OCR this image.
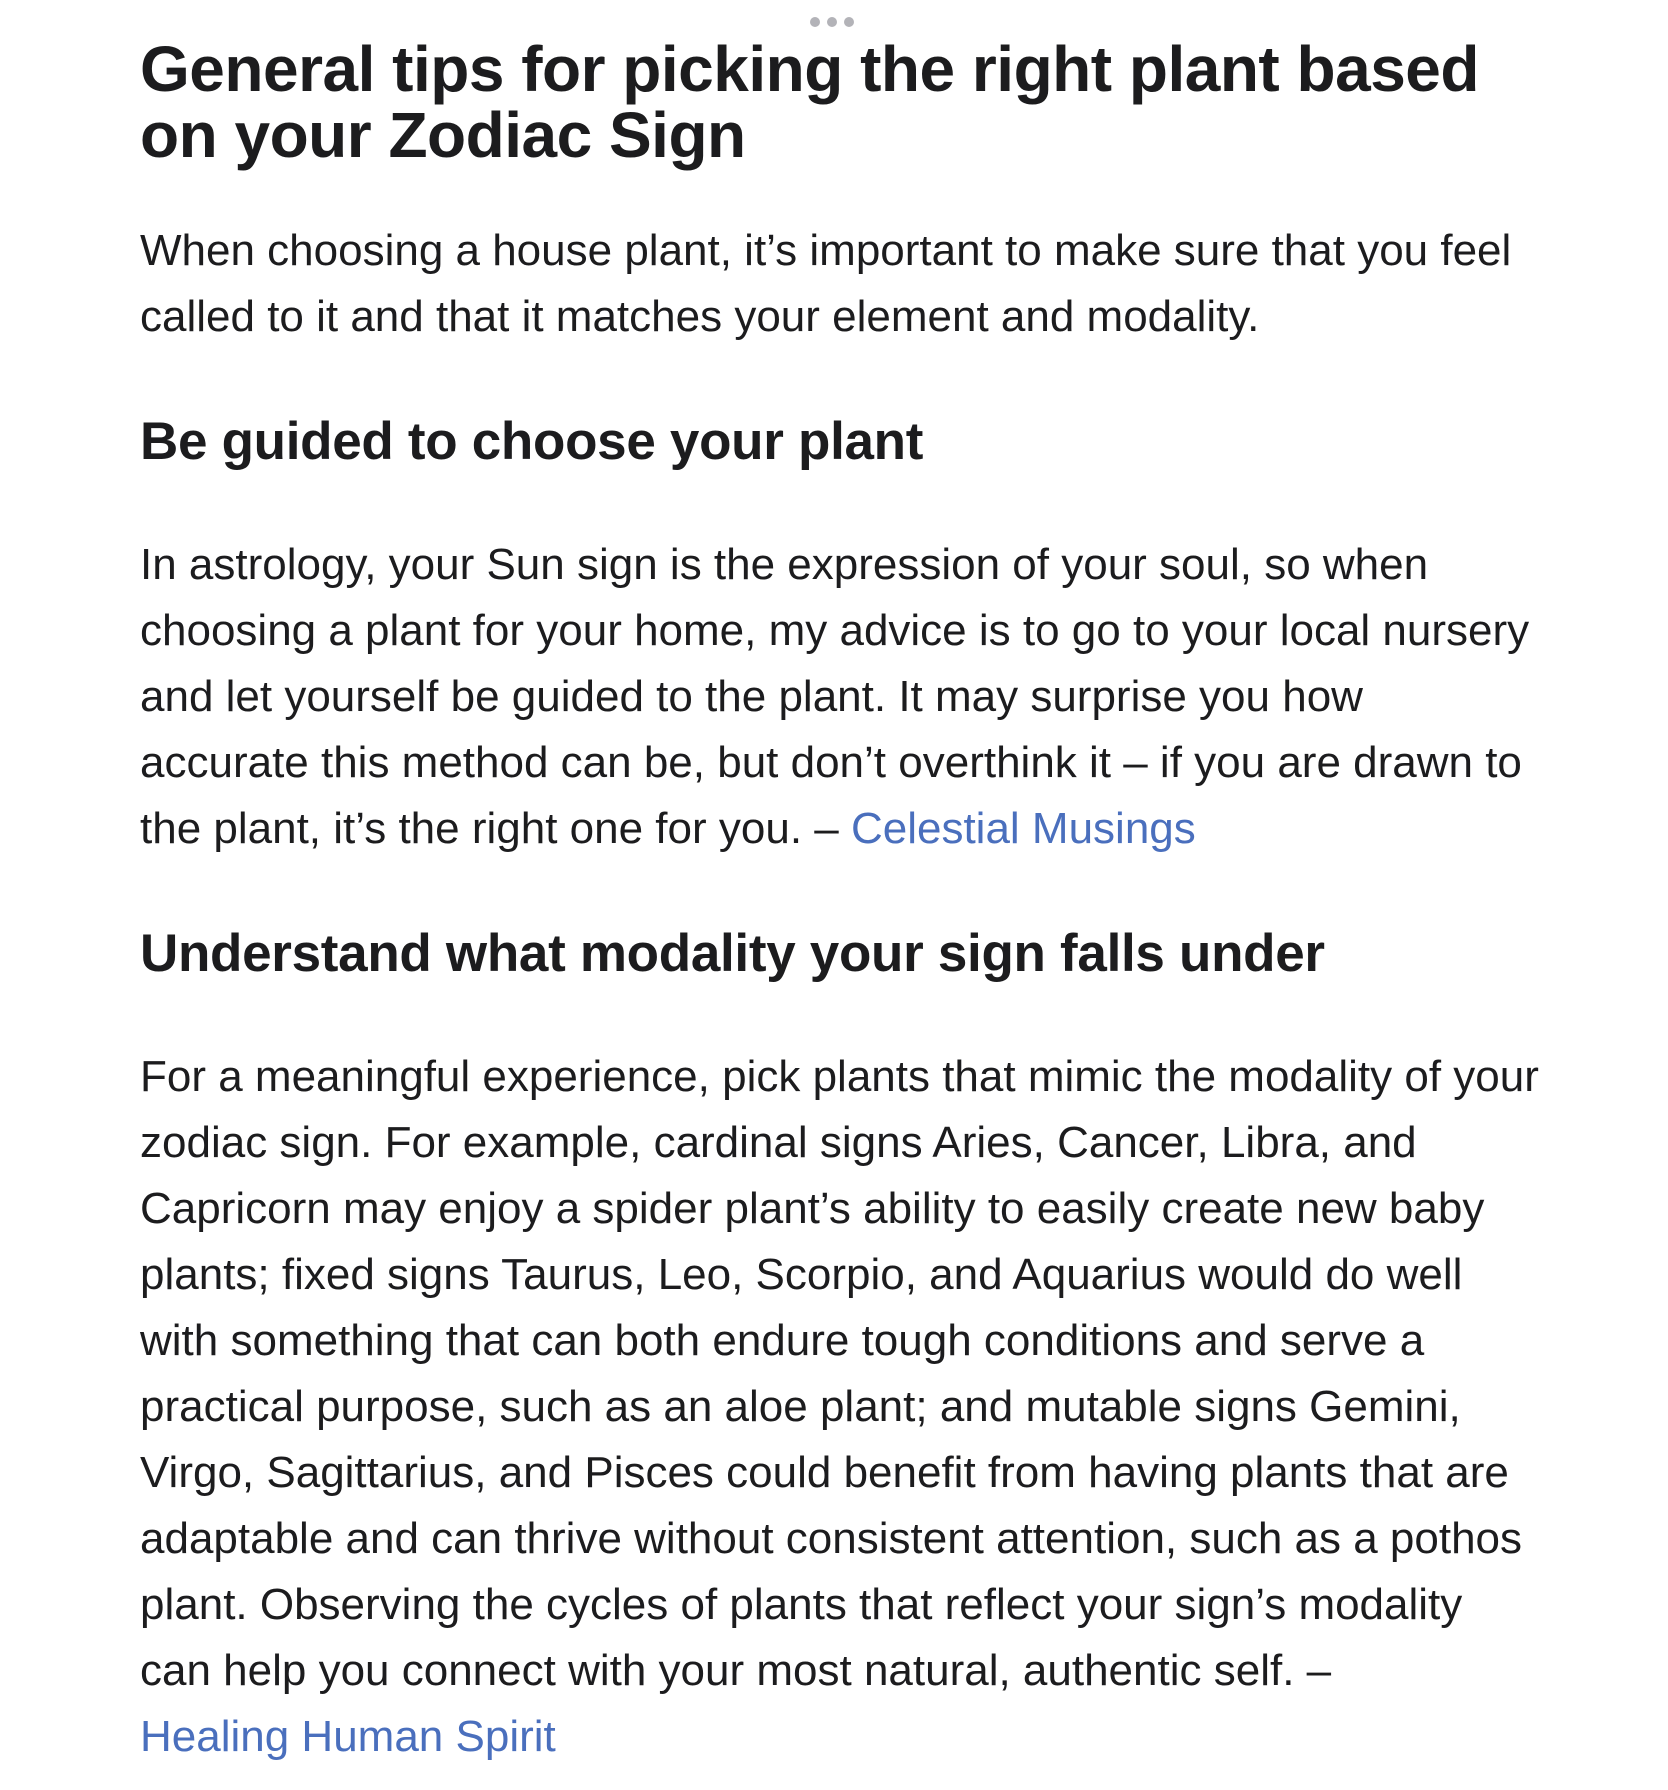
General tips for picking the right plant based on your Zodiac Sign

When choosing a house plant, it’s important to make sure that you feel called to it and that it matches your element and modality.

Be guided to choose your plant

In astrology, your Sun sign is the expression of your soul, so when choosing a plant for your home, my advice is to go to your local nursery and let yourself be guided to the plant. It may surprise you how accurate this method can be, but don’t overthink it – if you are drawn to the plant, it’s the right one for you. – Celestial Musings

Understand what modality your sign falls under

For a meaningful experience, pick plants that mimic the modality of your zodiac sign. For example, cardinal signs Aries, Cancer, Libra, and Capricorn may enjoy a spider plant’s ability to easily create new baby plants; fixed signs Taurus, Leo, Scorpio, and Aquarius would do well with something that can both endure tough conditions and serve a practical purpose, such as an aloe plant; and mutable signs Gemini, Virgo, Sagittarius, and Pisces could benefit from having plants that are adaptable and can thrive without consistent attention, such as a pothos plant. Observing the cycles of plants that reflect your sign’s modality can help you connect with your most natural, authentic self. –
Healing Human Spirit
